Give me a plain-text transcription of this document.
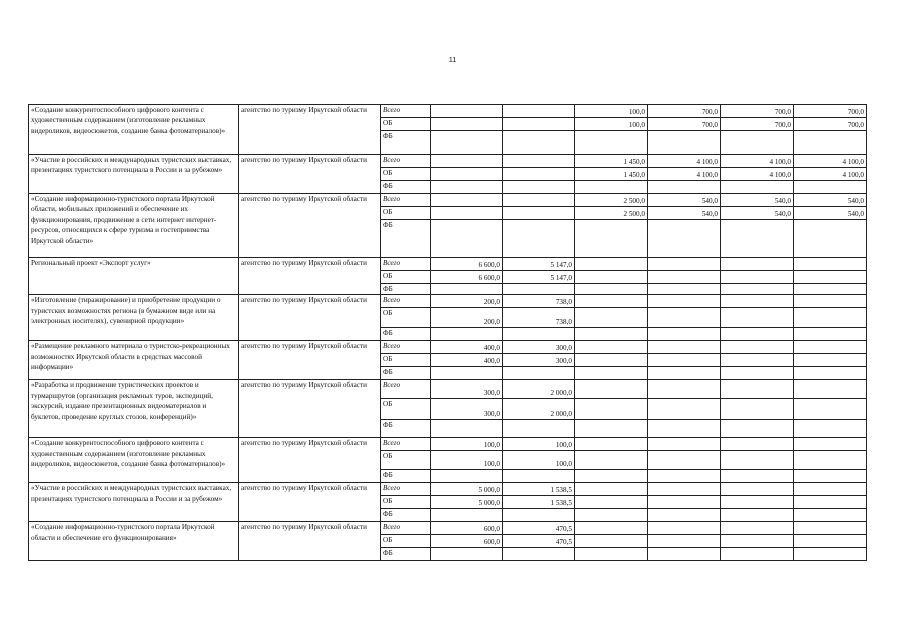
11
«Создание конкурентоспособного цифрового контента с художественным содержанием (изготовление рекламных видероликов, видеосюжетов, создание банка фотоматериалов)»	агентство по туризму Иркутской области	Всего			100,0	700,0	700,0	700,0
		ОБ			100,0	700,0	700,0	700,0
		ФБ						
«Участие в российских и международных туристских выставках, презентациях туристского потенциала в России и за рубежом»	агентство по туризму Иркутской области	Всего			1 450,0	4 100,0	4 100,0	4 100,0
		ОБ			1 450,0	4 100,0	4 100,0	4 100,0
		ФБ						
«Создание информационно-туристского портала Иркутской области, мобильных приложений и обеспечение их функционирования, продвижение в сети интернет интернет-ресурсов, относящихся к сфере туризма и гостеприимства Иркутской области»	агентство по туризму Иркутской области	Всего			2 500,0	540,0	540,0	540,0
		ОБ			2 500,0	540,0	540,0	540,0
		ФБ						
Региональный проект «Экспорт услуг»	агентство по туризму Иркутской области	Всего	6 600,0	5 147,0				
		ОБ	6 600,0	5 147,0				
		ФБ						
«Изготовление (тиражирование) и приобретение продукции о туристских возможностях региона (в бумажном виде или на электронных носителях), сувенирной продукции»	агентство по туризму Иркутской области	Всего	200,0	738,0				
		ОБ	200,0	738,0				
		ФБ						
«Размещение рекламного материала о туристско-рекреационных возможностях Иркутской области в средствах массовой информации»	агентство по туризму Иркутской области	Всего	400,0	300,0				
		ОБ	400,0	300,0				
		ФБ						
«Разработка и продвижение туристических проектов и турмаршрутов (организация рекламных туров, экспедиций, экскурсий, издание презентационных видеоматериалов и буклетов, проведение круглых столов, конференций)»	агентство по туризму Иркутской области	Всего	300,0	2 000,0				
		ОБ	300,0	2 000,0				
		ФБ						
«Создание конкурентоспособного цифрового контента с художественным содержанием (изготовление рекламных видероликов, видеосюжетов, создание банка фотоматериалов)»	агентство по туризму Иркутской области	Всего	100,0	100,0				
		ОБ	100,0	100,0				
		ФБ						
«Участие в российских и международных туристских выставках, презентациях туристского потенциала в России и за рубежом»	агентство по туризму Иркутской области	Всего	5 000,0	1 538,5				
		ОБ	5 000,0	1 538,5				
		ФБ						
«Создание информационно-туристского портала Иркутской области и обеспечение его функционирования»	агентство по туризму Иркутской области	Всего	600,0	470,5				
		ОБ	600,0	470,5				
		ФБ						
